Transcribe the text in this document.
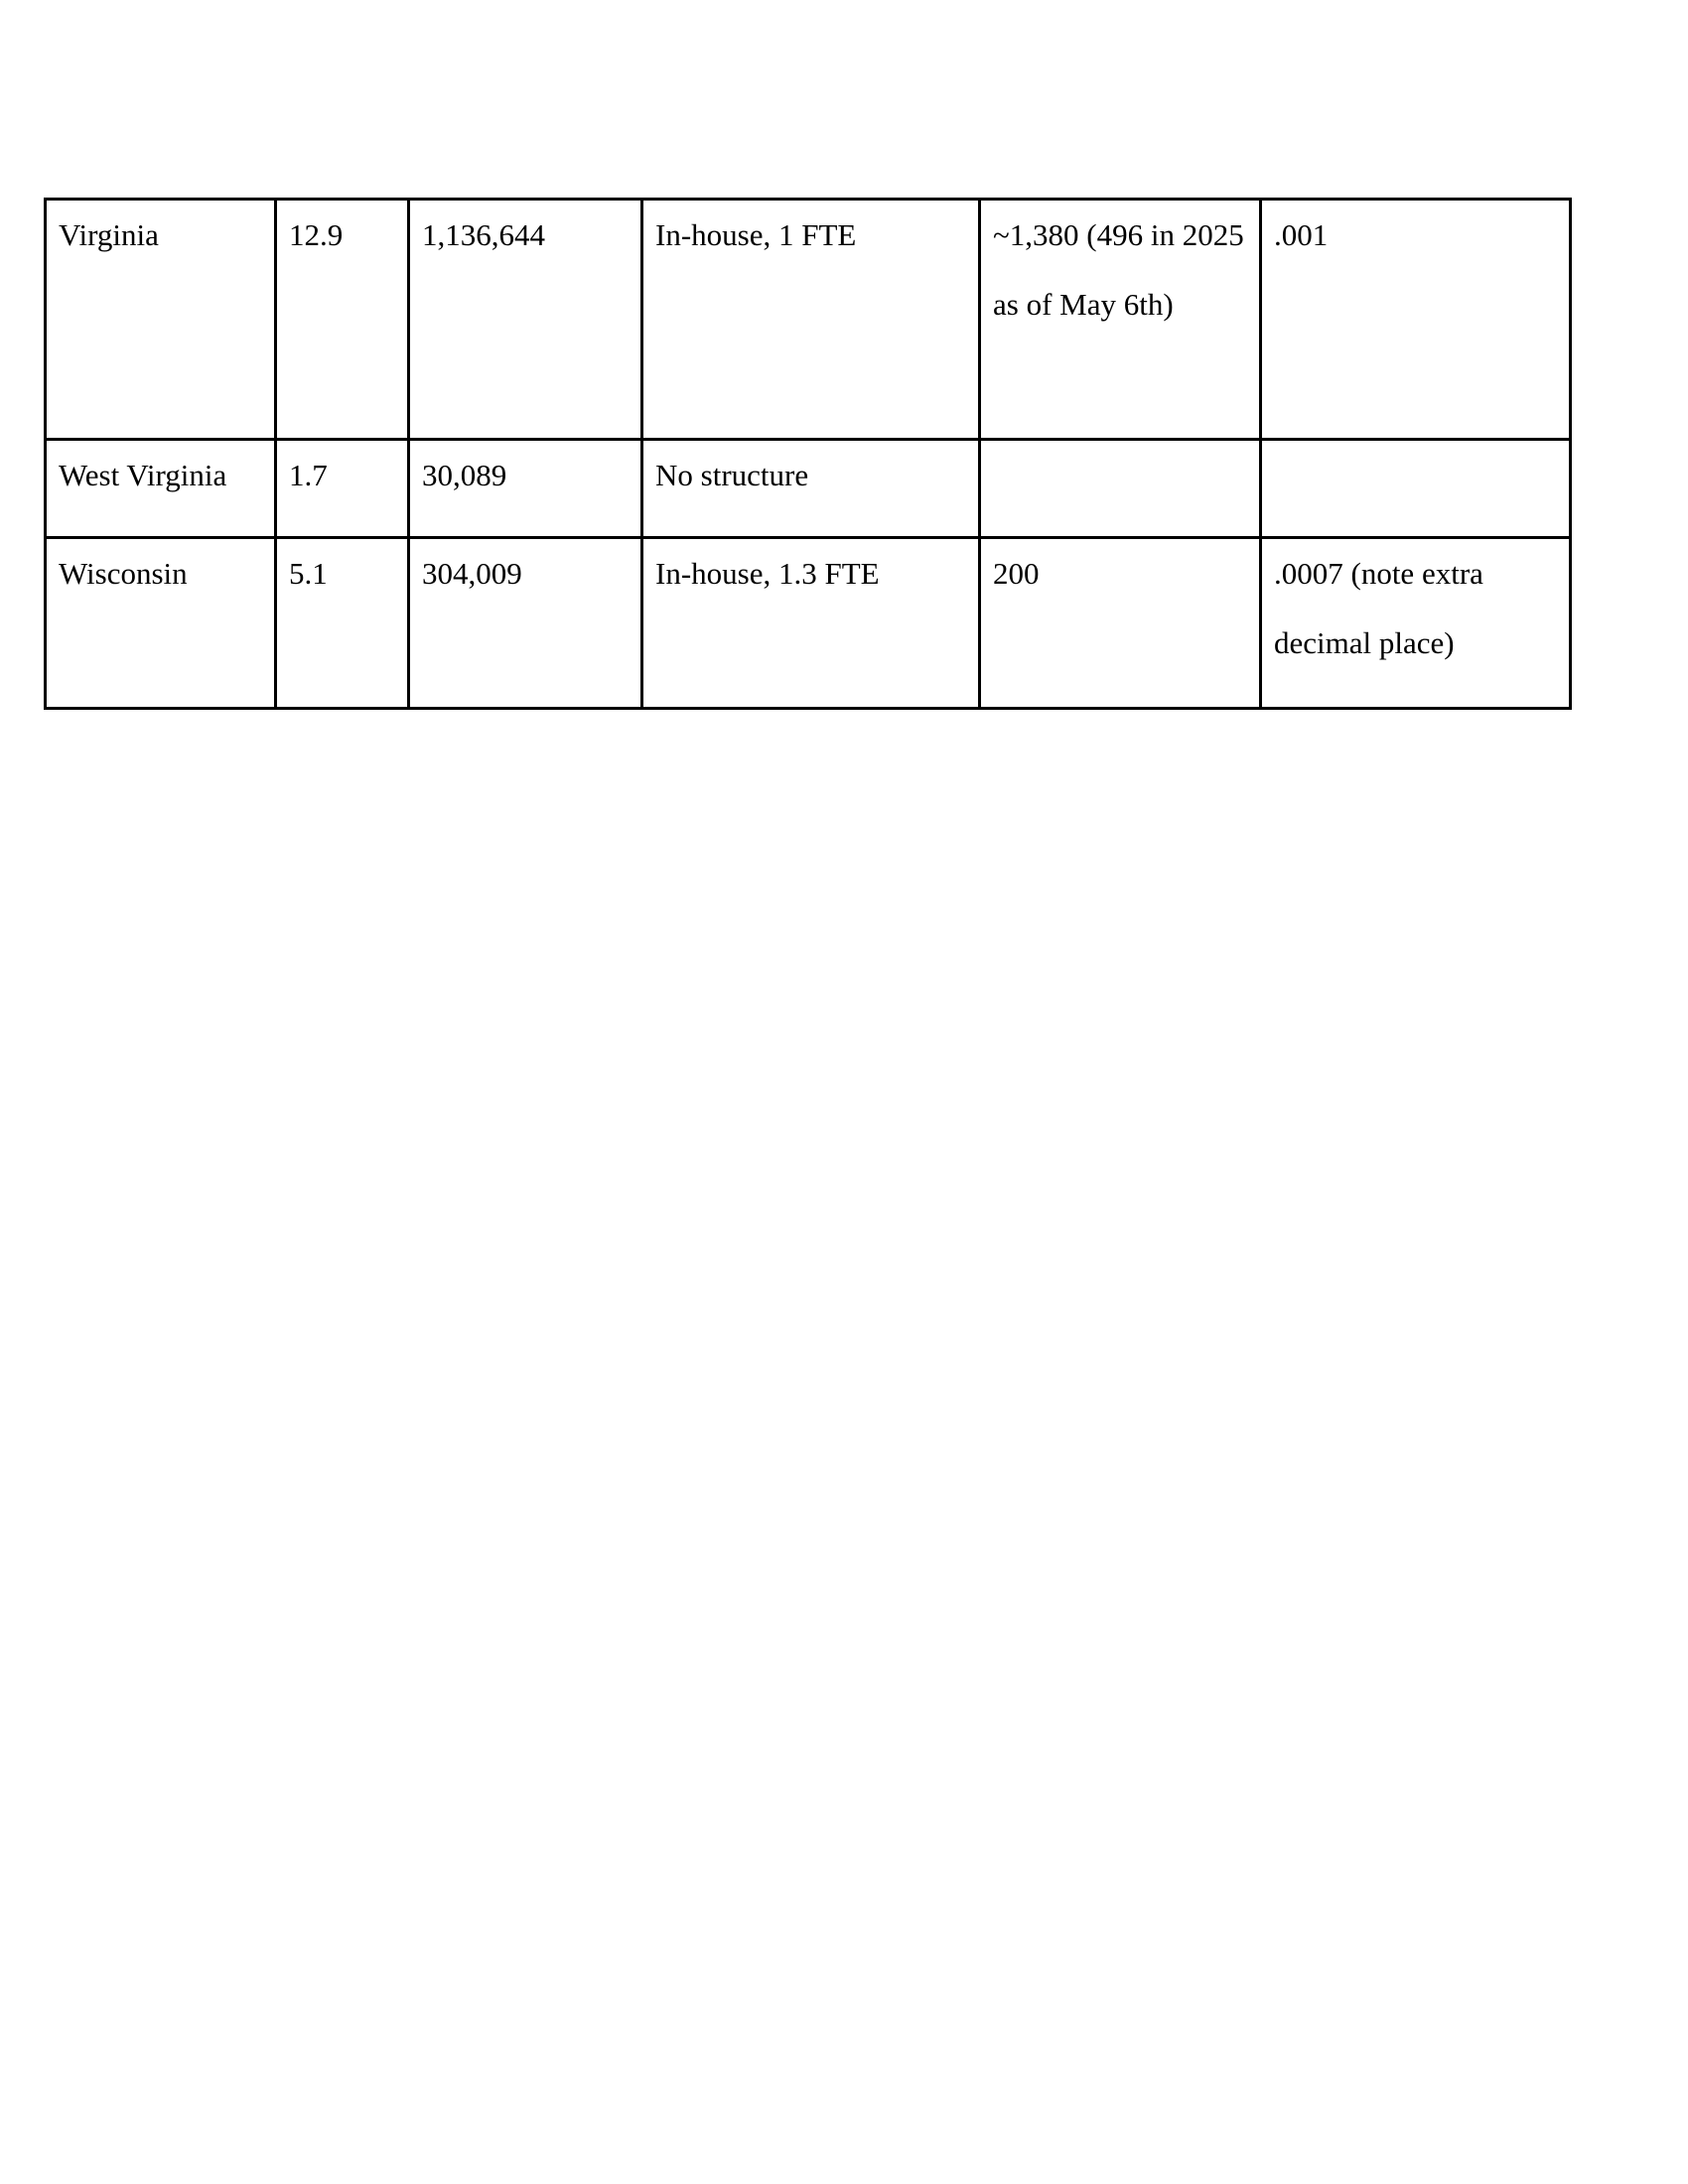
Virginia	12.9	1,136,644	In-house, 1 FTE	~1,380 (496 in 2025 as of May 6th)	.001
West Virginia	1.7	30,089	No structure		
Wisconsin	5.1	304,009	In-house, 1.3 FTE	200	.0007 (note extra decimal place)
